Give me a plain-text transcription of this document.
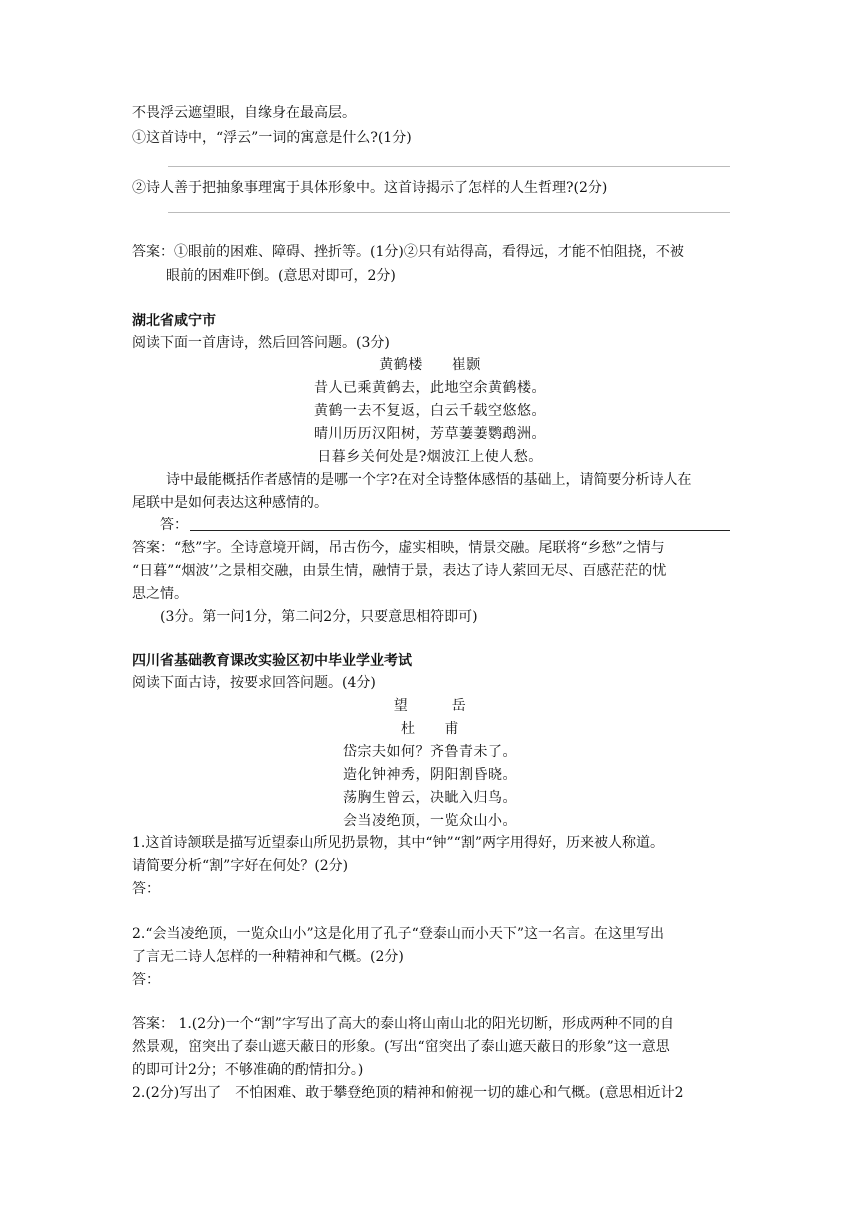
不畏浮云遮望眼，自缘身在最高层。
①这首诗中，“浮云”一词的寓意是什么?(1分)
②诗人善于把抽象事理寓于具体形象中。这首诗揭示了怎样的人生哲理?(2分)
答案：①眼前的困难、障碍、挫折等。(1分)②只有站得高，看得远，才能不怕阻挠，不被
眼前的困难吓倒。(意思对即可，2分)
湖北省咸宁市
阅读下面一首唐诗，然后回答问题。(3分)
黄鹤楼　　崔颢
昔人已乘黄鹤去，此地空余黄鹤楼。
黄鹤一去不复返，白云千载空悠悠。
晴川历历汉阳树，芳草萋萋鹦鹉洲。
日暮乡关何处是?烟波江上使人愁。
诗中最能概括作者感情的是哪一个字?在对全诗整体感悟的基础上，请简要分析诗人在
尾联中是如何表达这种感情的。
答：
答案：“愁”字。全诗意境开阔，吊古伤今，虚实相映，情景交融。尾联将“乡愁”之情与
“日暮”“烟波’’之景相交融，由景生情，融情于景，表达了诗人萦回无尽、百感茫茫的忧
思之情。
(3分。第一问1分，第二问2分，只要意思相符即可)
四川省基础教育课改实验区初中毕业学业考试
阅读下面古诗，按要求回答问题。(4分)
望　　　岳
杜　　甫
岱宗夫如何？齐鲁青未了。
造化钟神秀，阴阳割昏晓。
荡胸生曾云，决眦入归鸟。
会当凌绝顶，一览众山小。
1.这首诗颔联是描写近望泰山所见扔景物，其中“钟”“割”两字用得好，历来被人称道。
请简要分析“割”字好在何处？(2分)
答：
2.“会当凌绝顶，一览众山小”这是化用了孔子“登泰山而小天下”这一名言。在这里写出
了言无二诗人怎样的一种精神和气概。(2分)
答：
答案： 1.(2分)一个“割”字写出了高大的泰山将山南山北的阳光切断，形成两种不同的自
然景观，窋突出了泰山遮天蔽日的形象。(写出“窋突出了泰山遮天蔽日的形象”这一意思
的即可计2分；不够准确的酌情扣分。)
2.(2分)写出了　不怕困难、敢于攀登绝顶的精神和俯视一切的雄心和气概。(意思相近计2
